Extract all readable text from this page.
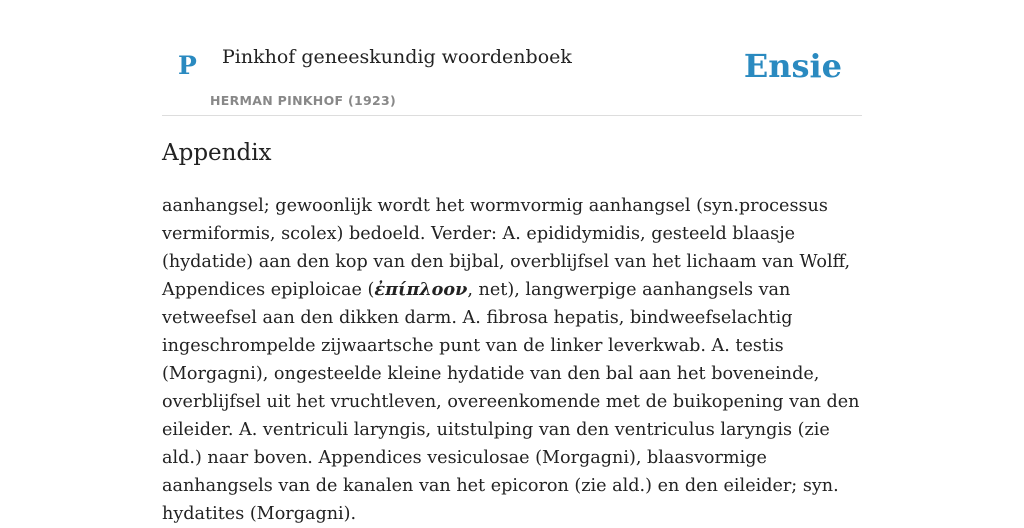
P Pinkhof geneeskundig woordenboek
HERMAN PINKHOF (1923)
Ensie
Appendix

aanhangsel; gewoonlijk wordt het wormvormig aanhangsel (syn.processus vermiformis, scolex) bedoeld. Verder: A. epididymidis, gesteeld blaasje (hydatide) aan den kop van den bijbal, overblijfsel van het lichaam van Wolff, Appendices epiploicae (ἐπίπλοον, net), langwerpige aanhangsels van vetweefsel aan den dikken darm. A. fibrosa hepatis, bindweefselachtig ingeschrompelde zijwaartsche punt van de linker leverkwab. A. testis (Morgagni), ongesteelde kleine hydatide van den bal aan het boveneinde, overblijfsel uit het vruchtleven, overeenkomende met de buikopening van den eileider. A. ventriculi laryngis, uitstulping van den ventriculus laryngis (zie ald.) naar boven. Appendices vesiculosae (Morgagni), blaasvormige aanhangsels van de kanalen van het epicoron (zie ald.) en den eileider; syn. hydatites (Morgagni).
